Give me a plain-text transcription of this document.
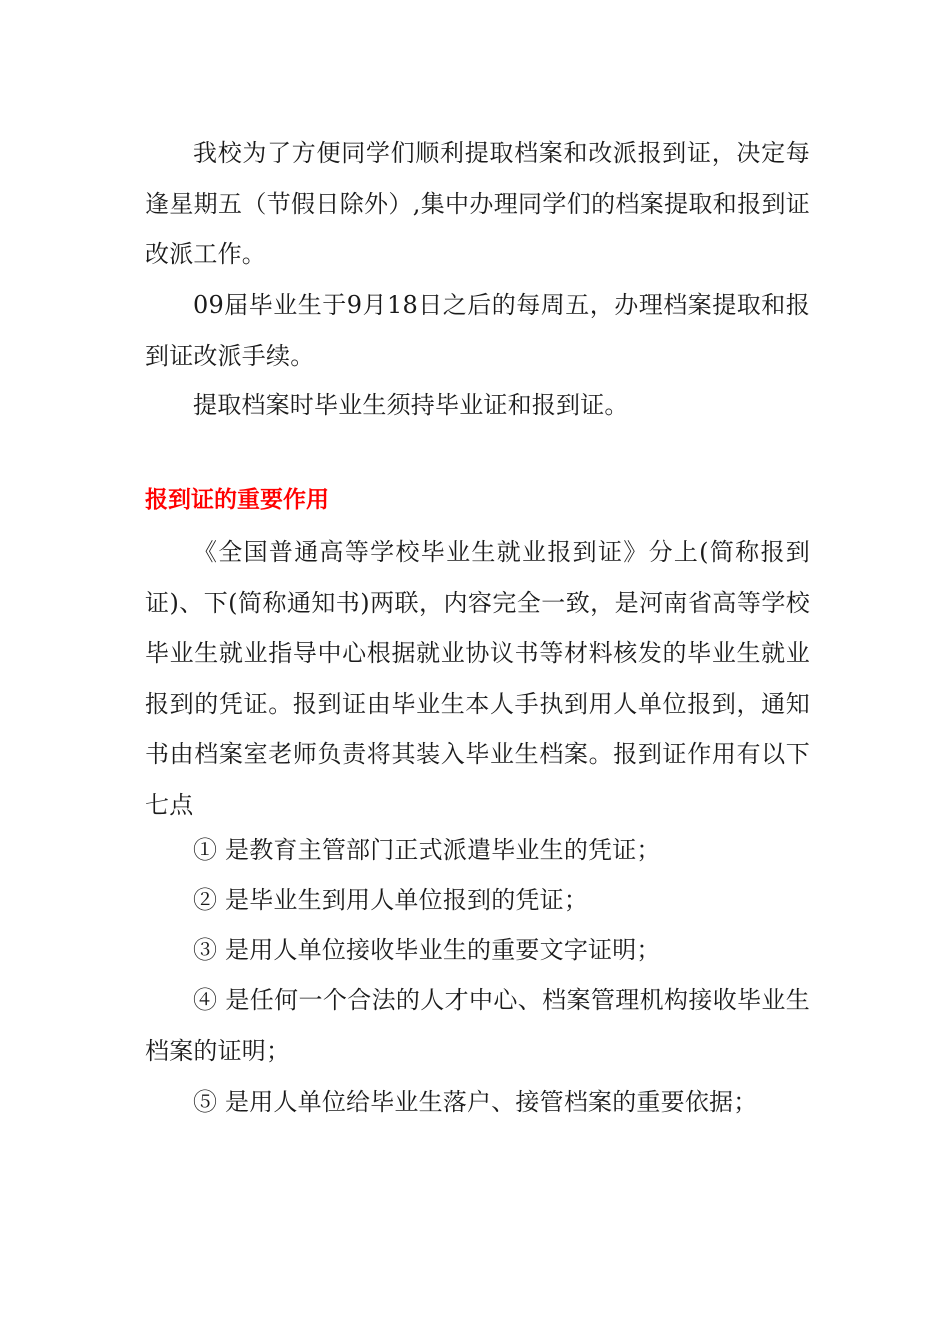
我校为了方便同学们顺利提取档案和改派报到证，决定每逢星期五（节假日除外）,集中办理同学们的档案提取和报到证改派工作。

09届毕业生于9月18日之后的每周五，办理档案提取和报到证改派手续。

提取档案时毕业生须持毕业证和报到证。

报到证的重要作用

《全国普通高等学校毕业生就业报到证》分上(简称报到证)、下(简称通知书)两联，内容完全一致，是河南省高等学校毕业生就业指导中心根据就业协议书等材料核发的毕业生就业报到的凭证。报到证由毕业生本人手执到用人单位报到，通知书由档案室老师负责将其装入毕业生档案。报到证作用有以下七点

① 是教育主管部门正式派遣毕业生的凭证；

② 是毕业生到用人单位报到的凭证；

③ 是用人单位接收毕业生的重要文字证明；

④ 是任何一个合法的人才中心、档案管理机构接收毕业生档案的证明；

⑤ 是用人单位给毕业生落户、接管档案的重要依据；
